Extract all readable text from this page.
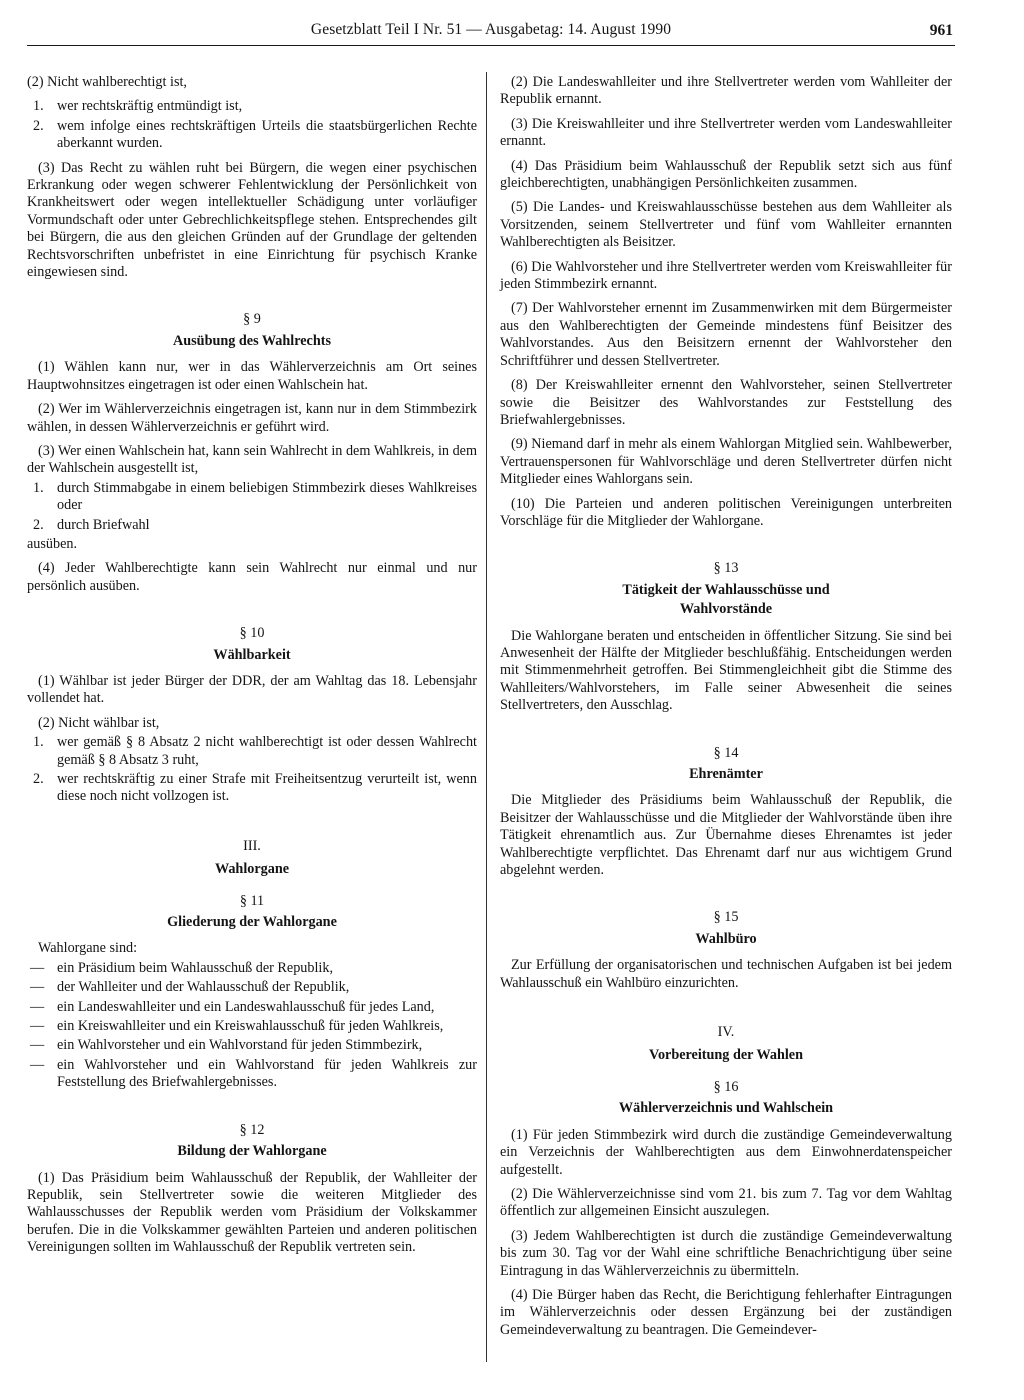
Gesetzblatt Teil I Nr. 51 — Ausgabetag: 14. August 1990	961

(2) Nicht wahlberechtigt ist,

1. wer rechtskräftig entmündigt ist,
2. wem infolge eines rechtskräftigen Urteils die staatsbürgerlichen Rechte aberkannt wurden.

(3) Das Recht zu wählen ruht bei Bürgern, die wegen einer psychischen Erkrankung oder wegen schwerer Fehlentwicklung der Persönlichkeit von Krankheitswert oder wegen intellektueller Schädigung unter vorläufiger Vormundschaft oder unter Gebrechlichkeitspflege stehen. Entsprechendes gilt bei Bürgern, die aus den gleichen Gründen auf der Grundlage der geltenden Rechtsvorschriften unbefristet in eine Einrichtung für psychisch Kranke eingewiesen sind.

§ 9
Ausübung des Wahlrechts

(1) Wählen kann nur, wer in das Wählerverzeichnis am Ort seines Hauptwohnsitzes eingetragen ist oder einen Wahlschein hat.

(2) Wer im Wählerverzeichnis eingetragen ist, kann nur in dem Stimmbezirk wählen, in dessen Wählerverzeichnis er geführt wird.

(3) Wer einen Wahlschein hat, kann sein Wahlrecht in dem Wahlkreis, in dem der Wahlschein ausgestellt ist,

1. durch Stimmabgabe in einem beliebigen Stimmbezirk dieses Wahlkreises oder
2. durch Briefwahl

ausüben.

(4) Jeder Wahlberechtigte kann sein Wahlrecht nur einmal und nur persönlich ausüben.

§ 10
Wählbarkeit

(1) Wählbar ist jeder Bürger der DDR, der am Wahltag das 18. Lebensjahr vollendet hat.

(2) Nicht wählbar ist,

1. wer gemäß § 8 Absatz 2 nicht wahlberechtigt ist oder dessen Wahlrecht gemäß § 8 Absatz 3 ruht,
2. wer rechtskräftig zu einer Strafe mit Freiheitsentzug verurteilt ist, wenn diese noch nicht vollzogen ist.
III.
Wahlorgane
§ 11
Gliederung der Wahlorgane

Wahlorgane sind:

— ein Präsidium beim Wahlausschuß der Republik,
— der Wahlleiter und der Wahlausschuß der Republik,
— ein Landeswahlleiter und ein Landeswahlausschuß für jedes Land,
— ein Kreiswahlleiter und ein Kreiswahlausschuß für jeden Wahlkreis,
— ein Wahlvorsteher und ein Wahlvorstand für jeden Stimmbezirk,
— ein Wahlvorsteher und ein Wahlvorstand für jeden Wahlkreis zur Feststellung des Briefwahlergebnisses.
§ 12
Bildung der Wahlorgane

(1) Das Präsidium beim Wahlausschuß der Republik, der Wahlleiter der Republik, sein Stellvertreter sowie die weiteren Mitglieder des Wahlausschusses der Republik werden vom Präsidium der Volkskammer berufen. Die in die Volkskammer gewählten Parteien und anderen politischen Vereinigungen sollten im Wahlausschuß der Republik vertreten sein.

(2) Die Landeswahlleiter und ihre Stellvertreter werden vom Wahlleiter der Republik ernannt.

(3) Die Kreiswahlleiter und ihre Stellvertreter werden vom Landeswahlleiter ernannt.

(4) Das Präsidium beim Wahlausschuß der Republik setzt sich aus fünf gleichberechtigten, unabhängigen Persönlichkeiten zusammen.

(5) Die Landes- und Kreiswahlausschüsse bestehen aus dem Wahlleiter als Vorsitzenden, seinem Stellvertreter und fünf vom Wahlleiter ernannten Wahlberechtigten als Beisitzer.

(6) Die Wahlvorsteher und ihre Stellvertreter werden vom Kreiswahlleiter für jeden Stimmbezirk ernannt.

(7) Der Wahlvorsteher ernennt im Zusammenwirken mit dem Bürgermeister aus den Wahlberechtigten der Gemeinde mindestens fünf Beisitzer des Wahlvorstandes. Aus den Beisitzern ernennt der Wahlvorsteher den Schriftführer und dessen Stellvertreter.

(8) Der Kreiswahlleiter ernennt den Wahlvorsteher, seinen Stellvertreter sowie die Beisitzer des Wahlvorstandes zur Feststellung des Briefwahlergebnisses.

(9) Niemand darf in mehr als einem Wahlorgan Mitglied sein. Wahlbewerber, Vertrauenspersonen für Wahlvorschläge und deren Stellvertreter dürfen nicht Mitglieder eines Wahlorgans sein.

(10) Die Parteien und anderen politischen Vereinigungen unterbreiten Vorschläge für die Mitglieder der Wahlorgane.

§ 13
Tätigkeit der Wahlausschüsse und
Wahlvorstände

Die Wahlorgane beraten und entscheiden in öffentlicher Sitzung. Sie sind bei Anwesenheit der Hälfte der Mitglieder beschlußfähig. Entscheidungen werden mit Stimmenmehrheit getroffen. Bei Stimmengleichheit gibt die Stimme des Wahlleiters/Wahlvorstehers, im Falle seiner Abwesenheit die seines Stellvertreters, den Ausschlag.

§ 14
Ehrenämter

Die Mitglieder des Präsidiums beim Wahlausschuß der Republik, die Beisitzer der Wahlausschüsse und die Mitglieder der Wahlvorstände üben ihre Tätigkeit ehrenamtlich aus. Zur Übernahme dieses Ehrenamtes ist jeder Wahlberechtigte verpflichtet. Das Ehrenamt darf nur aus wichtigem Grund abgelehnt werden.

§ 15
Wahlbüro

Zur Erfüllung der organisatorischen und technischen Aufgaben ist bei jedem Wahlausschuß ein Wahlbüro einzurichten.

IV.
Vorbereitung der Wahlen
§ 16
Wählerverzeichnis und Wahlschein

(1) Für jeden Stimmbezirk wird durch die zuständige Gemeindeverwaltung ein Verzeichnis der Wahlberechtigten aus dem Einwohnerdatenspeicher aufgestellt.

(2) Die Wählerverzeichnisse sind vom 21. bis zum 7. Tag vor dem Wahltag öffentlich zur allgemeinen Einsicht auszulegen.

(3) Jedem Wahlberechtigten ist durch die zuständige Gemeindeverwaltung bis zum 30. Tag vor der Wahl eine schriftliche Benachrichtigung über seine Eintragung in das Wählerverzeichnis zu übermitteln.

(4) Die Bürger haben das Recht, die Berichtigung fehlerhafter Eintragungen im Wählerverzeichnis oder dessen Ergänzung bei der zuständigen Gemeindeverwaltung zu beantragen. Die Gemeindever-
